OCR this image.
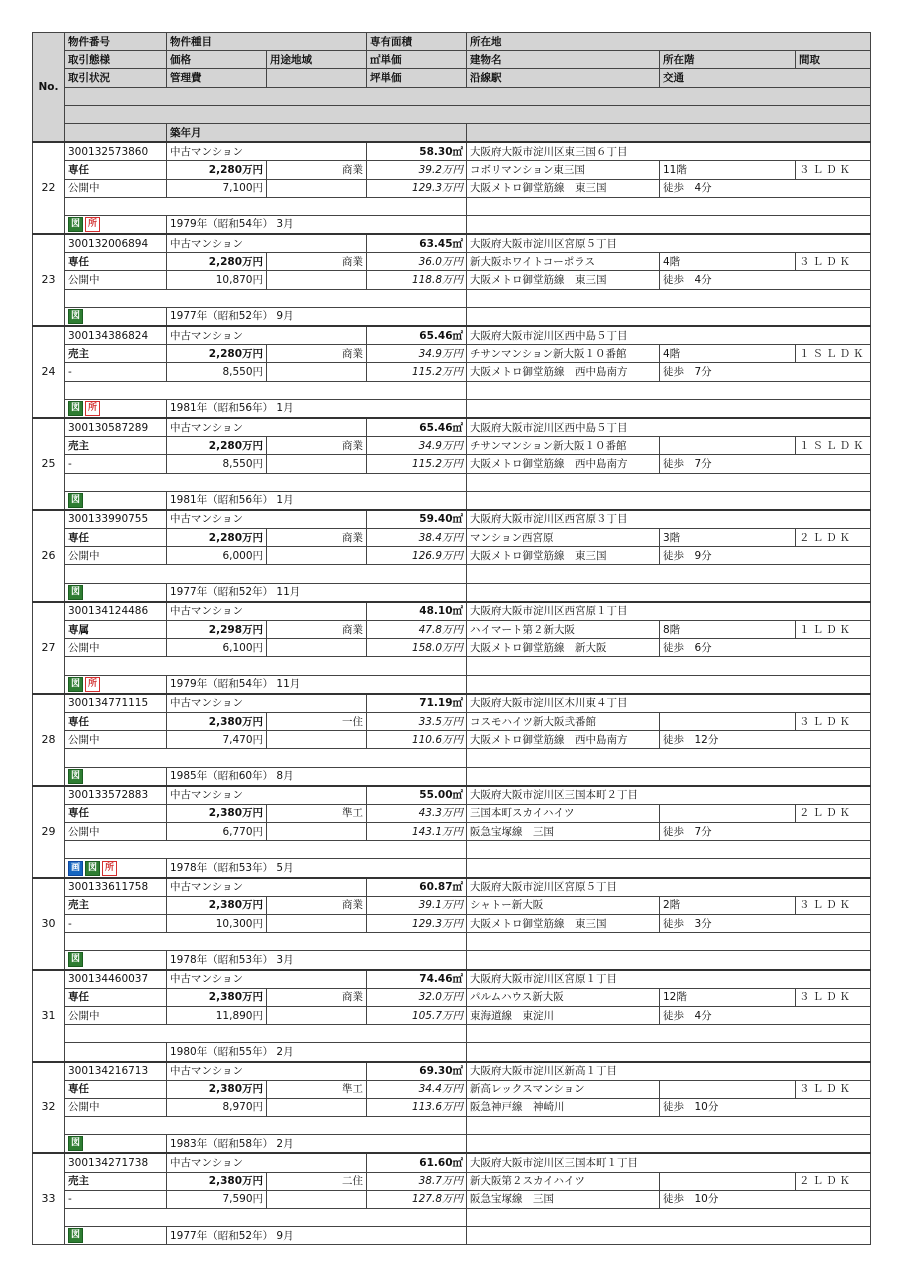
No.	物件番号	物件種目		専有面積	所在地		
	取引態様	価格	用途地域	㎡単価	建物名	所在階	間取
	取引状況	管理費		坪単価	沿線駅	交通	

		築年月					
22	300132573860	中古マンション		58.30㎡	大阪府大阪市淀川区東三国６丁目		
	専任	2,280万円	商業	39.2万円	コボリマンション東三国	11階	３ＬＤＫ
	公開中	7,100円		129.3万円	大阪メトロ御堂筋線　東三国	徒歩　4分	

	図 所	1979年（昭和54年） 3月					
23	300132006894	中古マンション		63.45㎡	大阪府大阪市淀川区宮原５丁目		
	専任	2,280万円	商業	36.0万円	新大阪ホワイトコーポラス	4階	３ＬＤＫ
	公開中	10,870円		118.8万円	大阪メトロ御堂筋線　東三国	徒歩　4分	

	図	1977年（昭和52年） 9月					
24	300134386824	中古マンション		65.46㎡	大阪府大阪市淀川区西中島５丁目		
	売主	2,280万円	商業	34.9万円	チサンマンション新大阪１０番館	4階	１ＳＬＤＫ
	-	8,550円		115.2万円	大阪メトロ御堂筋線　西中島南方	徒歩　7分	

	図 所	1981年（昭和56年） 1月					
25	300130587289	中古マンション		65.46㎡	大阪府大阪市淀川区西中島５丁目		
	売主	2,280万円	商業	34.9万円	チサンマンション新大阪１０番館		１ＳＬＤＫ
	-	8,550円		115.2万円	大阪メトロ御堂筋線　西中島南方	徒歩　7分	

	図	1981年（昭和56年） 1月					
26	300133990755	中古マンション		59.40㎡	大阪府大阪市淀川区西宮原３丁目		
	専任	2,280万円	商業	38.4万円	マンション西宮原	3階	２ＬＤＫ
	公開中	6,000円		126.9万円	大阪メトロ御堂筋線　東三国	徒歩　9分	

	図	1977年（昭和52年） 11月					
27	300134124486	中古マンション		48.10㎡	大阪府大阪市淀川区西宮原１丁目		
	専属	2,298万円	商業	47.8万円	ハイマート第２新大阪	8階	１ＬＤＫ
	公開中	6,100円		158.0万円	大阪メトロ御堂筋線　新大阪	徒歩　6分	

	図 所	1979年（昭和54年） 11月					
28	300134771115	中古マンション		71.19㎡	大阪府大阪市淀川区木川東４丁目		
	専任	2,380万円	一住	33.5万円	コスモハイツ新大阪弐番館		３ＬＤＫ
	公開中	7,470円		110.6万円	大阪メトロ御堂筋線　西中島南方	徒歩　12分	

	図	1985年（昭和60年） 8月					
29	300133572883	中古マンション		55.00㎡	大阪府大阪市淀川区三国本町２丁目		
	専任	2,380万円	準工	43.3万円	三国本町スカイハイツ		２ＬＤＫ
	公開中	6,770円		143.1万円	阪急宝塚線　三国	徒歩　7分	

	画 図 所	1978年（昭和53年） 5月					
30	300133611758	中古マンション		60.87㎡	大阪府大阪市淀川区宮原５丁目		
	売主	2,380万円	商業	39.1万円	シャトー新大阪	2階	３ＬＤＫ
	-	10,300円		129.3万円	大阪メトロ御堂筋線　東三国	徒歩　3分	

	図	1978年（昭和53年） 3月					
31	300134460037	中古マンション		74.46㎡	大阪府大阪市淀川区宮原１丁目		
	専任	2,380万円	商業	32.0万円	パルムハウス新大阪	12階	３ＬＤＫ
	公開中	11,890円		105.7万円	東海道線　東淀川	徒歩　4分	

		1980年（昭和55年） 2月					
32	300134216713	中古マンション		69.30㎡	大阪府大阪市淀川区新高１丁目		
	専任	2,380万円	準工	34.4万円	新高レックスマンション		３ＬＤＫ
	公開中	8,970円		113.6万円	阪急神戸線　神崎川	徒歩　10分	

	図	1983年（昭和58年） 2月					
33	300134271738	中古マンション		61.60㎡	大阪府大阪市淀川区三国本町１丁目		
	売主	2,380万円	二住	38.7万円	新大阪第２スカイハイツ		２ＬＤＫ
	-	7,590円		127.8万円	阪急宝塚線　三国	徒歩　10分	

	図	1977年（昭和52年） 9月					
